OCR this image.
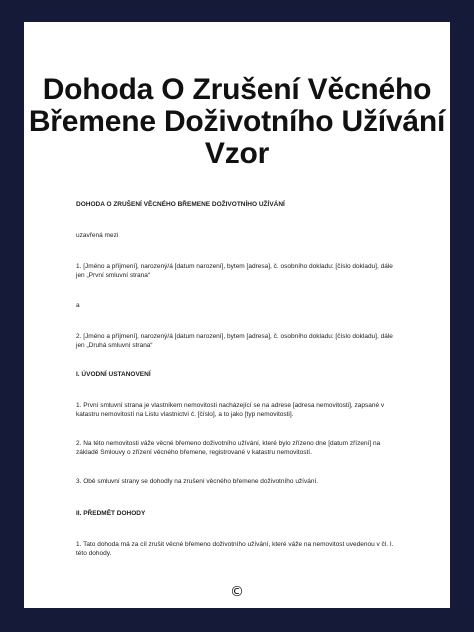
Dohoda O Zrušení Věcného
Břemene Doživotního Užívání
Vzor

DOHODA O ZRUŠENÍ VĚCNÉHO BŘEMENE DOŽIVOTNÍHO UŽÍVÁNÍ

uzavřená mezi

1. [Jméno a příjmení], narozený/á [datum narození], bytem [adresa], č. osobního dokladu: [číslo dokladu], dále jen „První smluvní strana“

a

2. [Jméno a příjmení], narozený/á [datum narození], bytem [adresa], č. osobního dokladu: [číslo dokladu], dále jen „Druhá smluvní strana“

I. ÚVODNÍ USTANOVENÍ

1. První smluvní strana je vlastníkem nemovitosti nacházející se na adrese [adresa nemovitosti], zapsané v katastru nemovitostí na Listu vlastnictví č. [číslo], a to jako [typ nemovitosti].

2. Na této nemovitosti váže věcné břemeno doživotního užívání, které bylo zřízeno dne [datum zřízení] na základě Smlouvy o zřízení věcného břemene, registrované v katastru nemovitostí.

3. Obě smluvní strany se dohodly na zrušení věcného břemene doživotního užívání.

II. PŘEDMĚT DOHODY

1. Tato dohoda má za cíl zrušit věcné břemeno doživotního užívání, které váže na nemovitost uvedenou v čl. I. této dohody.

©
